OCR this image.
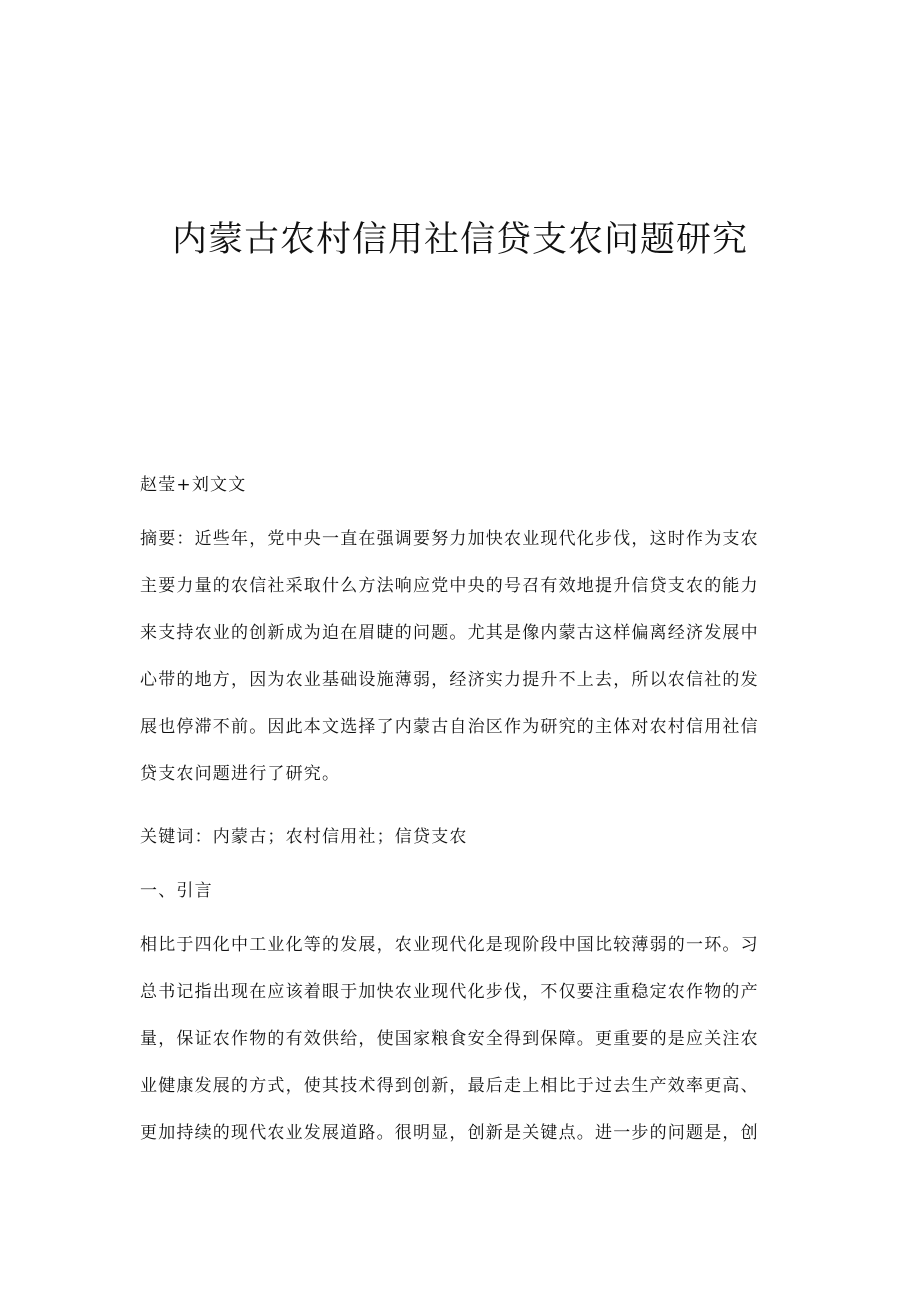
内蒙古农村信用社信贷支农问题研究

赵莹+刘文文

摘要：近些年，党中央一直在强调要努力加快农业现代化步伐，这时作为支农

主要力量的农信社采取什么方法响应党中央的号召有效地提升信贷支农的能力

来支持农业的创新成为迫在眉睫的问题。尤其是像内蒙古这样偏离经济发展中

心带的地方，因为农业基础设施薄弱，经济实力提升不上去，所以农信社的发

展也停滞不前。因此本文选择了内蒙古自治区作为研究的主体对农村信用社信

贷支农问题进行了研究。

关键词：内蒙古；农村信用社；信贷支农

一、引言

相比于四化中工业化等的发展，农业现代化是现阶段中国比较薄弱的一环。习

总书记指出现在应该着眼于加快农业现代化步伐，不仅要注重稳定农作物的产

量，保证农作物的有效供给，使国家粮食安全得到保障。更重要的是应关注农

业健康发展的方式，使其技术得到创新，最后走上相比于过去生产效率更高、

更加持续的现代农业发展道路。很明显，创新是关键点。进一步的问题是，创
